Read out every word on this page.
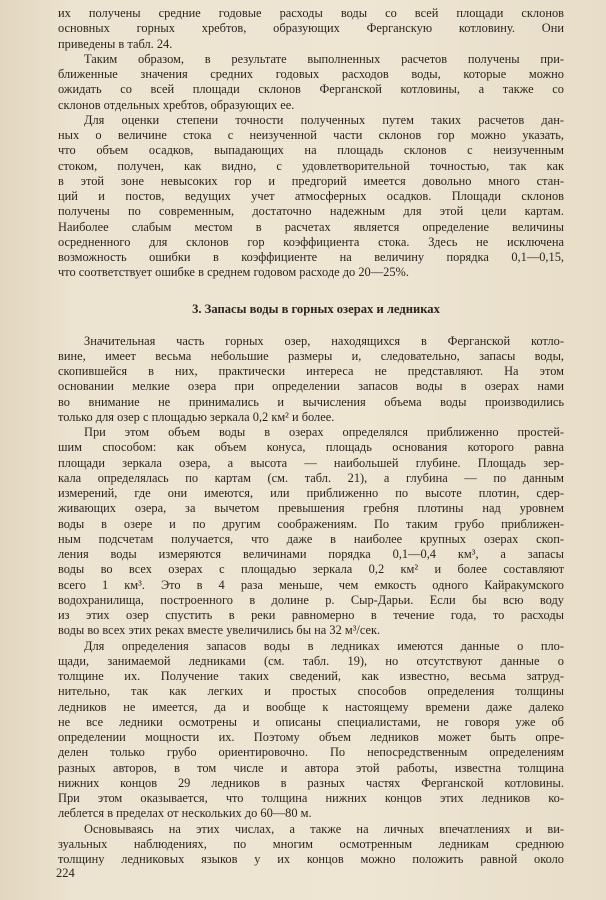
их получены средние годовые расходы воды со всей площади склонов
основных горных хребтов, образующих Ферганскую котловину. Они
приведены в табл. 24.

Таким образом, в результате выполненных расчетов получены при-
ближенные значения средних годовых расходов воды, которые можно
ожидать со всей площади склонов Ферганской котловины, а также со
склонов отдельных хребтов, образующих ее.

Для оценки степени точности полученных путем таких расчетов дан-
ных о величине стока с неизученной части склонов гор можно указать,
что объем осадков, выпадающих на площадь склонов с неизученным
стоком, получен, как видно, с удовлетворительной точностью, так как
в этой зоне невысоких гор и предгорий имеется довольно много стан-
ций и постов, ведущих учет атмосферных осадков. Площади склонов
получены по современным, достаточно надежным для этой цели картам.
Наиболее слабым местом в расчетах является определение величины
осредненного для склонов гор коэффициента стока. Здесь не исключена
возможность ошибки в коэффициенте на величину порядка 0,1—0,15,
что соответствует ошибке в среднем годовом расходе до 20—25%.

3. Запасы воды в горных озерах и ледниках

Значительная часть горных озер, находящихся в Ферганской котло-
вине, имеет весьма небольшие размеры и, следовательно, запасы воды,
скопившейся в них, практически интереса не представляют. На этом
основании мелкие озера при определении запасов воды в озерах нами
во внимание не принимались и вычисления объема воды производились
только для озер с площадью зеркала 0,2 км² и более.

При этом объем воды в озерах определялся приближенно простей-
шим способом: как объем конуса, площадь основания которого равна
площади зеркала озера, а высота — наибольшей глубине. Площадь зер-
кала определялась по картам (см. табл. 21), а глубина — по данным
измерений, где они имеются, или приближенно по высоте плотин, сдер-
живающих озера, за вычетом превышения гребня плотины над уровнем
воды в озере и по другим соображениям. По таким грубо приближен-
ным подсчетам получается, что даже в наиболее крупных озерах скоп-
ления воды измеряются величинами порядка 0,1—0,4 км³, а запасы
воды во всех озерах с площадью зеркала 0,2 км² и более составляют
всего 1 км³. Это в 4 раза меньше, чем емкость одного Кайракумского
водохранилища, построенного в долине р. Сыр-Дарьи. Если бы всю воду
из этих озер спустить в реки равномерно в течение года, то расходы
воды во всех этих реках вместе увеличились бы на 32 м³/сек.

Для определения запасов воды в ледниках имеются данные о пло-
щади, занимаемой ледниками (см. табл. 19), но отсутствуют данные о
толщине их. Получение таких сведений, как известно, весьма затруд-
нительно, так как легких и простых способов определения толщины
ледников не имеется, да и вообще к настоящему времени даже далеко
не все ледники осмотрены и описаны специалистами, не говоря уже об
определении мощности их. Поэтому объем ледников может быть опре-
делен только грубо ориентировочно. По непосредственным определениям
разных авторов, в том числе и автора этой работы, известна толщина
нижних концов 29 ледников в разных частях Ферганской котловины.
При этом оказывается, что толщина нижних концов этих ледников ко-
леблется в пределах от нескольких до 60—80 м.

Основываясь на этих числах, а также на личных впечатлениях и ви-
зуальных наблюдениях, по многим осмотренным ледникам среднюю
толщину ледниковых языков у их концов можно положить равной около

224
